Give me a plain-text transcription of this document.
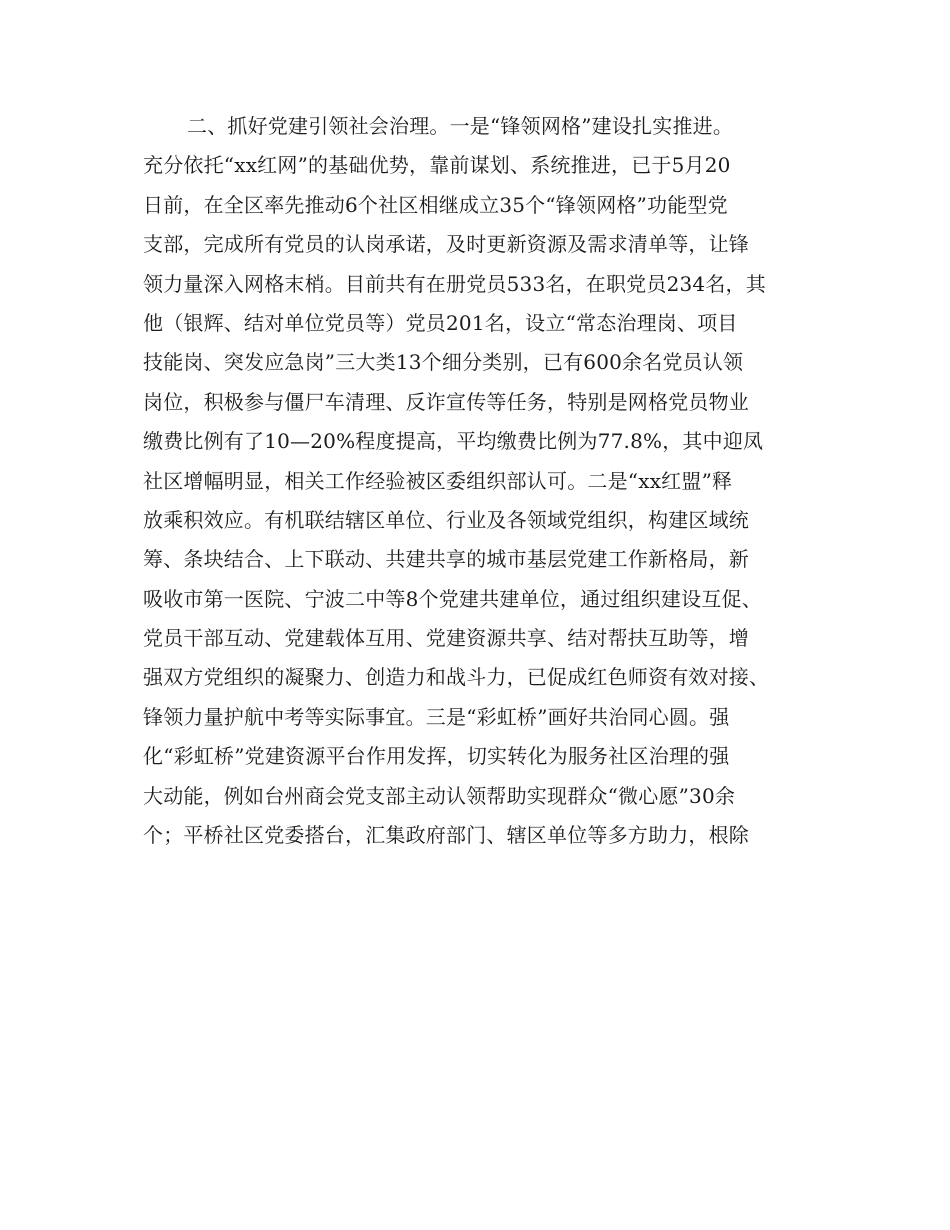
二、抓好党建引领社会治理。一是“锋领网格”建设扎实推进。
充分依托“xx红网”的基础优势，靠前谋划、系统推进，已于5月20
日前，在全区率先推动6个社区相继成立35个“锋领网格”功能型党
支部，完成所有党员的认岗承诺，及时更新资源及需求清单等，让锋
领力量深入网格末梢。目前共有在册党员533名，在职党员234名，其
他（银辉、结对单位党员等）党员201名，设立“常态治理岗、项目
技能岗、突发应急岗”三大类13个细分类别，已有600余名党员认领
岗位，积极参与僵尸车清理、反诈宣传等任务，特别是网格党员物业
缴费比例有了10—20%程度提高，平均缴费比例为77.8%，其中迎凤
社区增幅明显，相关工作经验被区委组织部认可。二是“xx红盟”释
放乘积效应。有机联结辖区单位、行业及各领域党组织，构建区域统
筹、条块结合、上下联动、共建共享的城市基层党建工作新格局，新
吸收市第一医院、宁波二中等8个党建共建单位，通过组织建设互促、
党员干部互动、党建载体互用、党建资源共享、结对帮扶互助等，增
强双方党组织的凝聚力、创造力和战斗力，已促成红色师资有效对接、
锋领力量护航中考等实际事宜。三是“彩虹桥”画好共治同心圆。强
化“彩虹桥”党建资源平台作用发挥，切实转化为服务社区治理的强
大动能，例如台州商会党支部主动认领帮助实现群众“微心愿”30余
个；平桥社区党委搭台，汇集政府部门、辖区单位等多方助力，根除
